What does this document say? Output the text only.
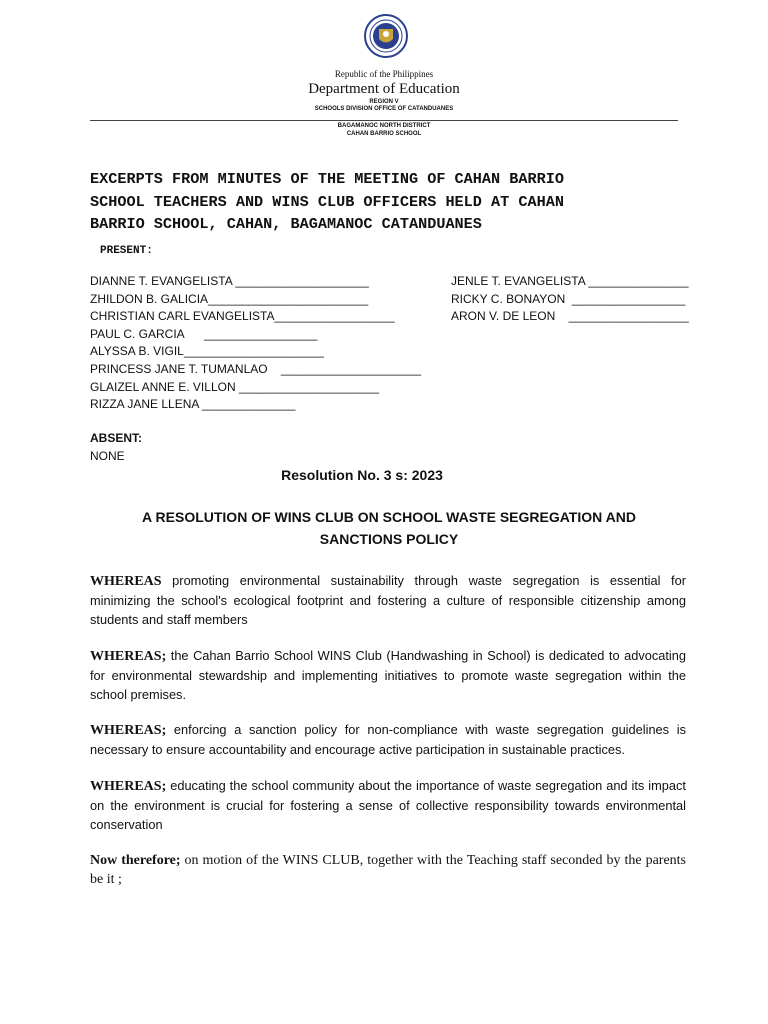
Republic of the Philippines
Department of Education
REGION V
SCHOOLS DIVISION OFFICE OF CATANDUANES
BAGAMANOC NORTH DISTRICT
CAHAN BARRIO SCHOOL
EXCERPTS FROM MINUTES OF THE MEETING OF CAHAN BARRIO
SCHOOL TEACHERS AND WINS CLUB OFFICERS HELD AT CAHAN
BARRIO SCHOOL, CAHAN, BAGAMANOC CATANDUANES
PRESENT:
DIANNE T. EVANGELISTA ____________________
ZHILDON B. GALICIA________________________
CHRISTIAN CARL EVANGELISTA__________________
PAUL C. GARCIA      _________________
ALYSSA B. VIGIL_____________________
PRINCESS JANE T. TUMANLAO    _____________________
GLAIZEL ANNE E. VILLON _____________________
RIZZA JANE LLENA ______________
JENLE T. EVANGELISTA _______________
RICKY C. BONAYON  _________________
ARON V. DE LEON    __________________
ABSENT:
NONE
Resolution No. 3 s: 2023
A RESOLUTION OF WINS CLUB ON SCHOOL WASTE SEGREGATION AND SANCTIONS POLICY
WHEREAS promoting environmental sustainability through waste segregation is essential for minimizing the school's ecological footprint and fostering a culture of responsible citizenship among students and staff members
WHEREAS; the Cahan Barrio School WINS Club (Handwashing in School) is dedicated to advocating for environmental stewardship and implementing initiatives to promote waste segregation within the school premises.
WHEREAS; enforcing a sanction policy for non-compliance with waste segregation guidelines is necessary to ensure accountability and encourage active participation in sustainable practices.
WHEREAS; educating the school community about the importance of waste segregation and its impact on the environment is crucial for fostering a sense of collective responsibility towards environmental conservation
Now therefore; on motion of the WINS CLUB, together with the Teaching staff seconded by the parents be it ;
